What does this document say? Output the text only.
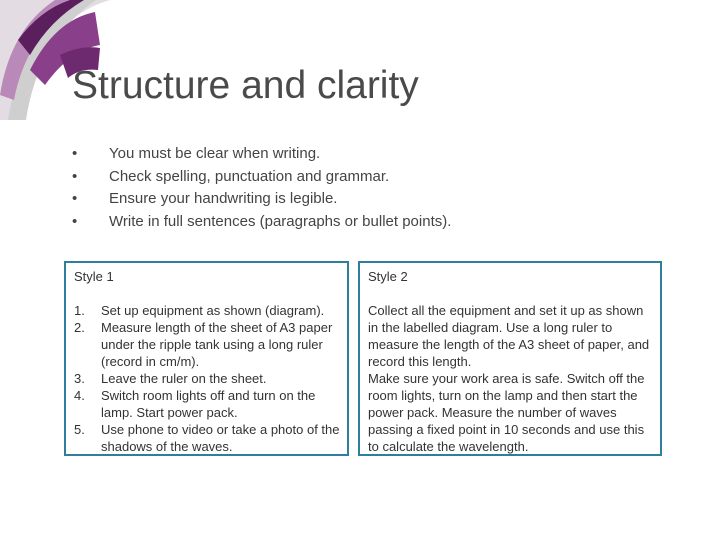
Structure and clarity
• You must be clear when writing.
• Check spelling, punctuation and grammar.
• Ensure your handwriting is legible.
• Write in full sentences (paragraphs or bullet points).
Style 1
1. Set up equipment as shown (diagram).
2. Measure length of the sheet of A3 paper under the ripple tank using a long ruler (record in cm/m).
3. Leave the ruler on the sheet.
4. Switch room lights off and turn on the lamp. Start power pack.
5. Use phone to video or take a photo of the shadows of the waves.
Style 2
Collect all the equipment and set it up as shown in the labelled diagram. Use a long ruler to measure the length of the A3 sheet of paper, and record this length.
Make sure your work area is safe. Switch off the room lights, turn on the lamp and then start the power pack. Measure the number of waves passing a fixed point in 10 seconds and use this to calculate the wavelength.
